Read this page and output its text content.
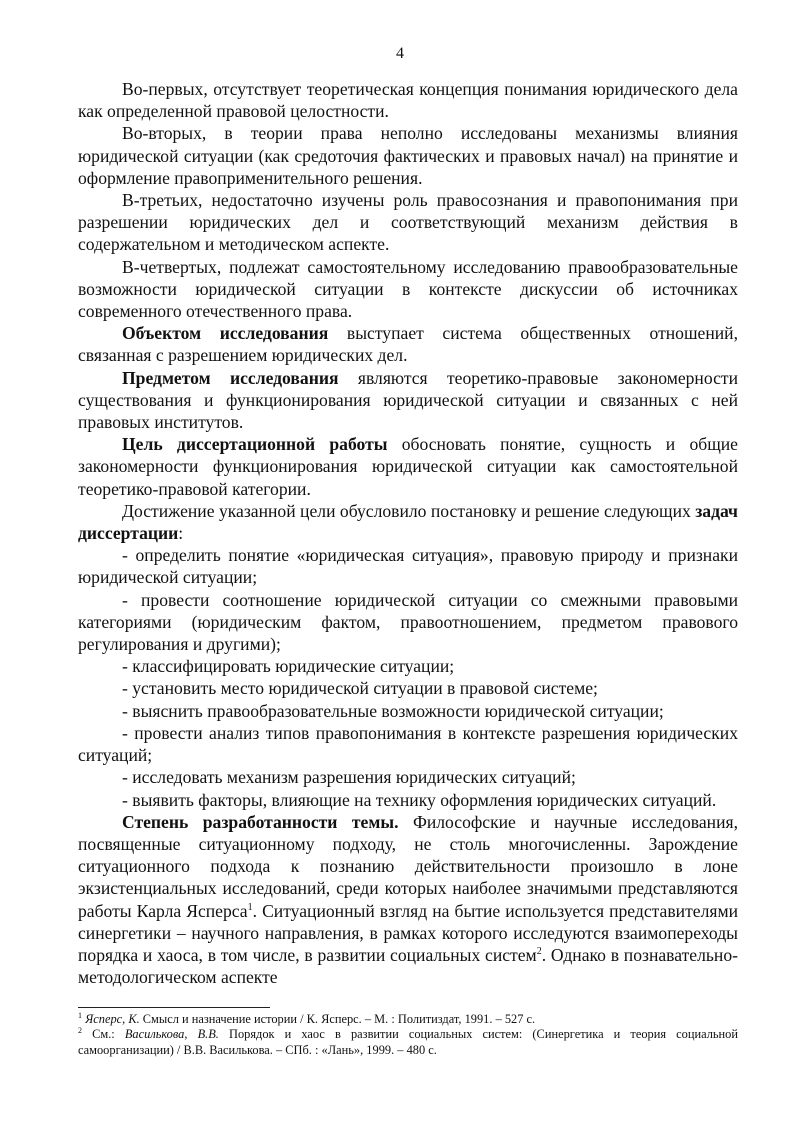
4

Во-первых, отсутствует теоретическая концепция понимания юридического дела как определенной правовой целостности.

Во-вторых, в теории права неполно исследованы механизмы влияния юридической ситуации (как средоточия фактических и правовых начал) на принятие и оформление правоприменительного решения.

В-третьих, недостаточно изучены роль правосознания и правопонимания при разрешении юридических дел и соответствующий механизм действия в содержательном и методическом аспекте.

В-четвертых, подлежат самостоятельному исследованию правообразовательные возможности юридической ситуации в контексте дискуссии об источниках современного отечественного права.

Объектом исследования выступает система общественных отношений, связанная с разрешением юридических дел.

Предметом исследования являются теоретико-правовые закономерности существования и функционирования юридической ситуации и связанных с ней правовых институтов.

Цель диссертационной работы обосновать понятие, сущность и общие закономерности функционирования юридической ситуации как самостоятельной теоретико-правовой категории.

Достижение указанной цели обусловило постановку и решение следующих задач диссертации:

- определить понятие «юридическая ситуация», правовую природу и признаки юридической ситуации;

- провести соотношение юридической ситуации со смежными правовыми категориями (юридическим фактом, правоотношением, предметом правового регулирования и другими);

- классифицировать юридические ситуации;

- установить место юридической ситуации в правовой системе;

- выяснить правообразовательные возможности юридической ситуации;

- провести анализ типов правопонимания в контексте разрешения юридических ситуаций;

- исследовать механизм разрешения юридических ситуаций;

- выявить факторы, влияющие на технику оформления юридических ситуаций.

Степень разработанности темы. Философские и научные исследования, посвященные ситуационному подходу, не столь многочисленны. Зарождение ситуационного подхода к познанию действительности произошло в лоне экзистенциальных исследований, среди которых наиболее значимыми представляются работы Карла Ясперса$^1$. Ситуационный взгляд на бытие используется представителями синергетики – научного направления, в рамках которого исследуются взаимопереходы порядка и хаоса, в том числе, в развитии социальных систем$^2$. Однако в познавательно-методологическом аспекте

$^1$ Ясперс, К. Смысл и назначение истории / К. Ясперс. – М. : Политиздат, 1991. – 527 с.

$^2$ См.: Василькова, В.В. Порядок и хаос в развитии социальных систем: (Синергетика и теория социальной самоорганизации) / В.В. Василькова. – СПб. : «Лань», 1999. – 480 с.
